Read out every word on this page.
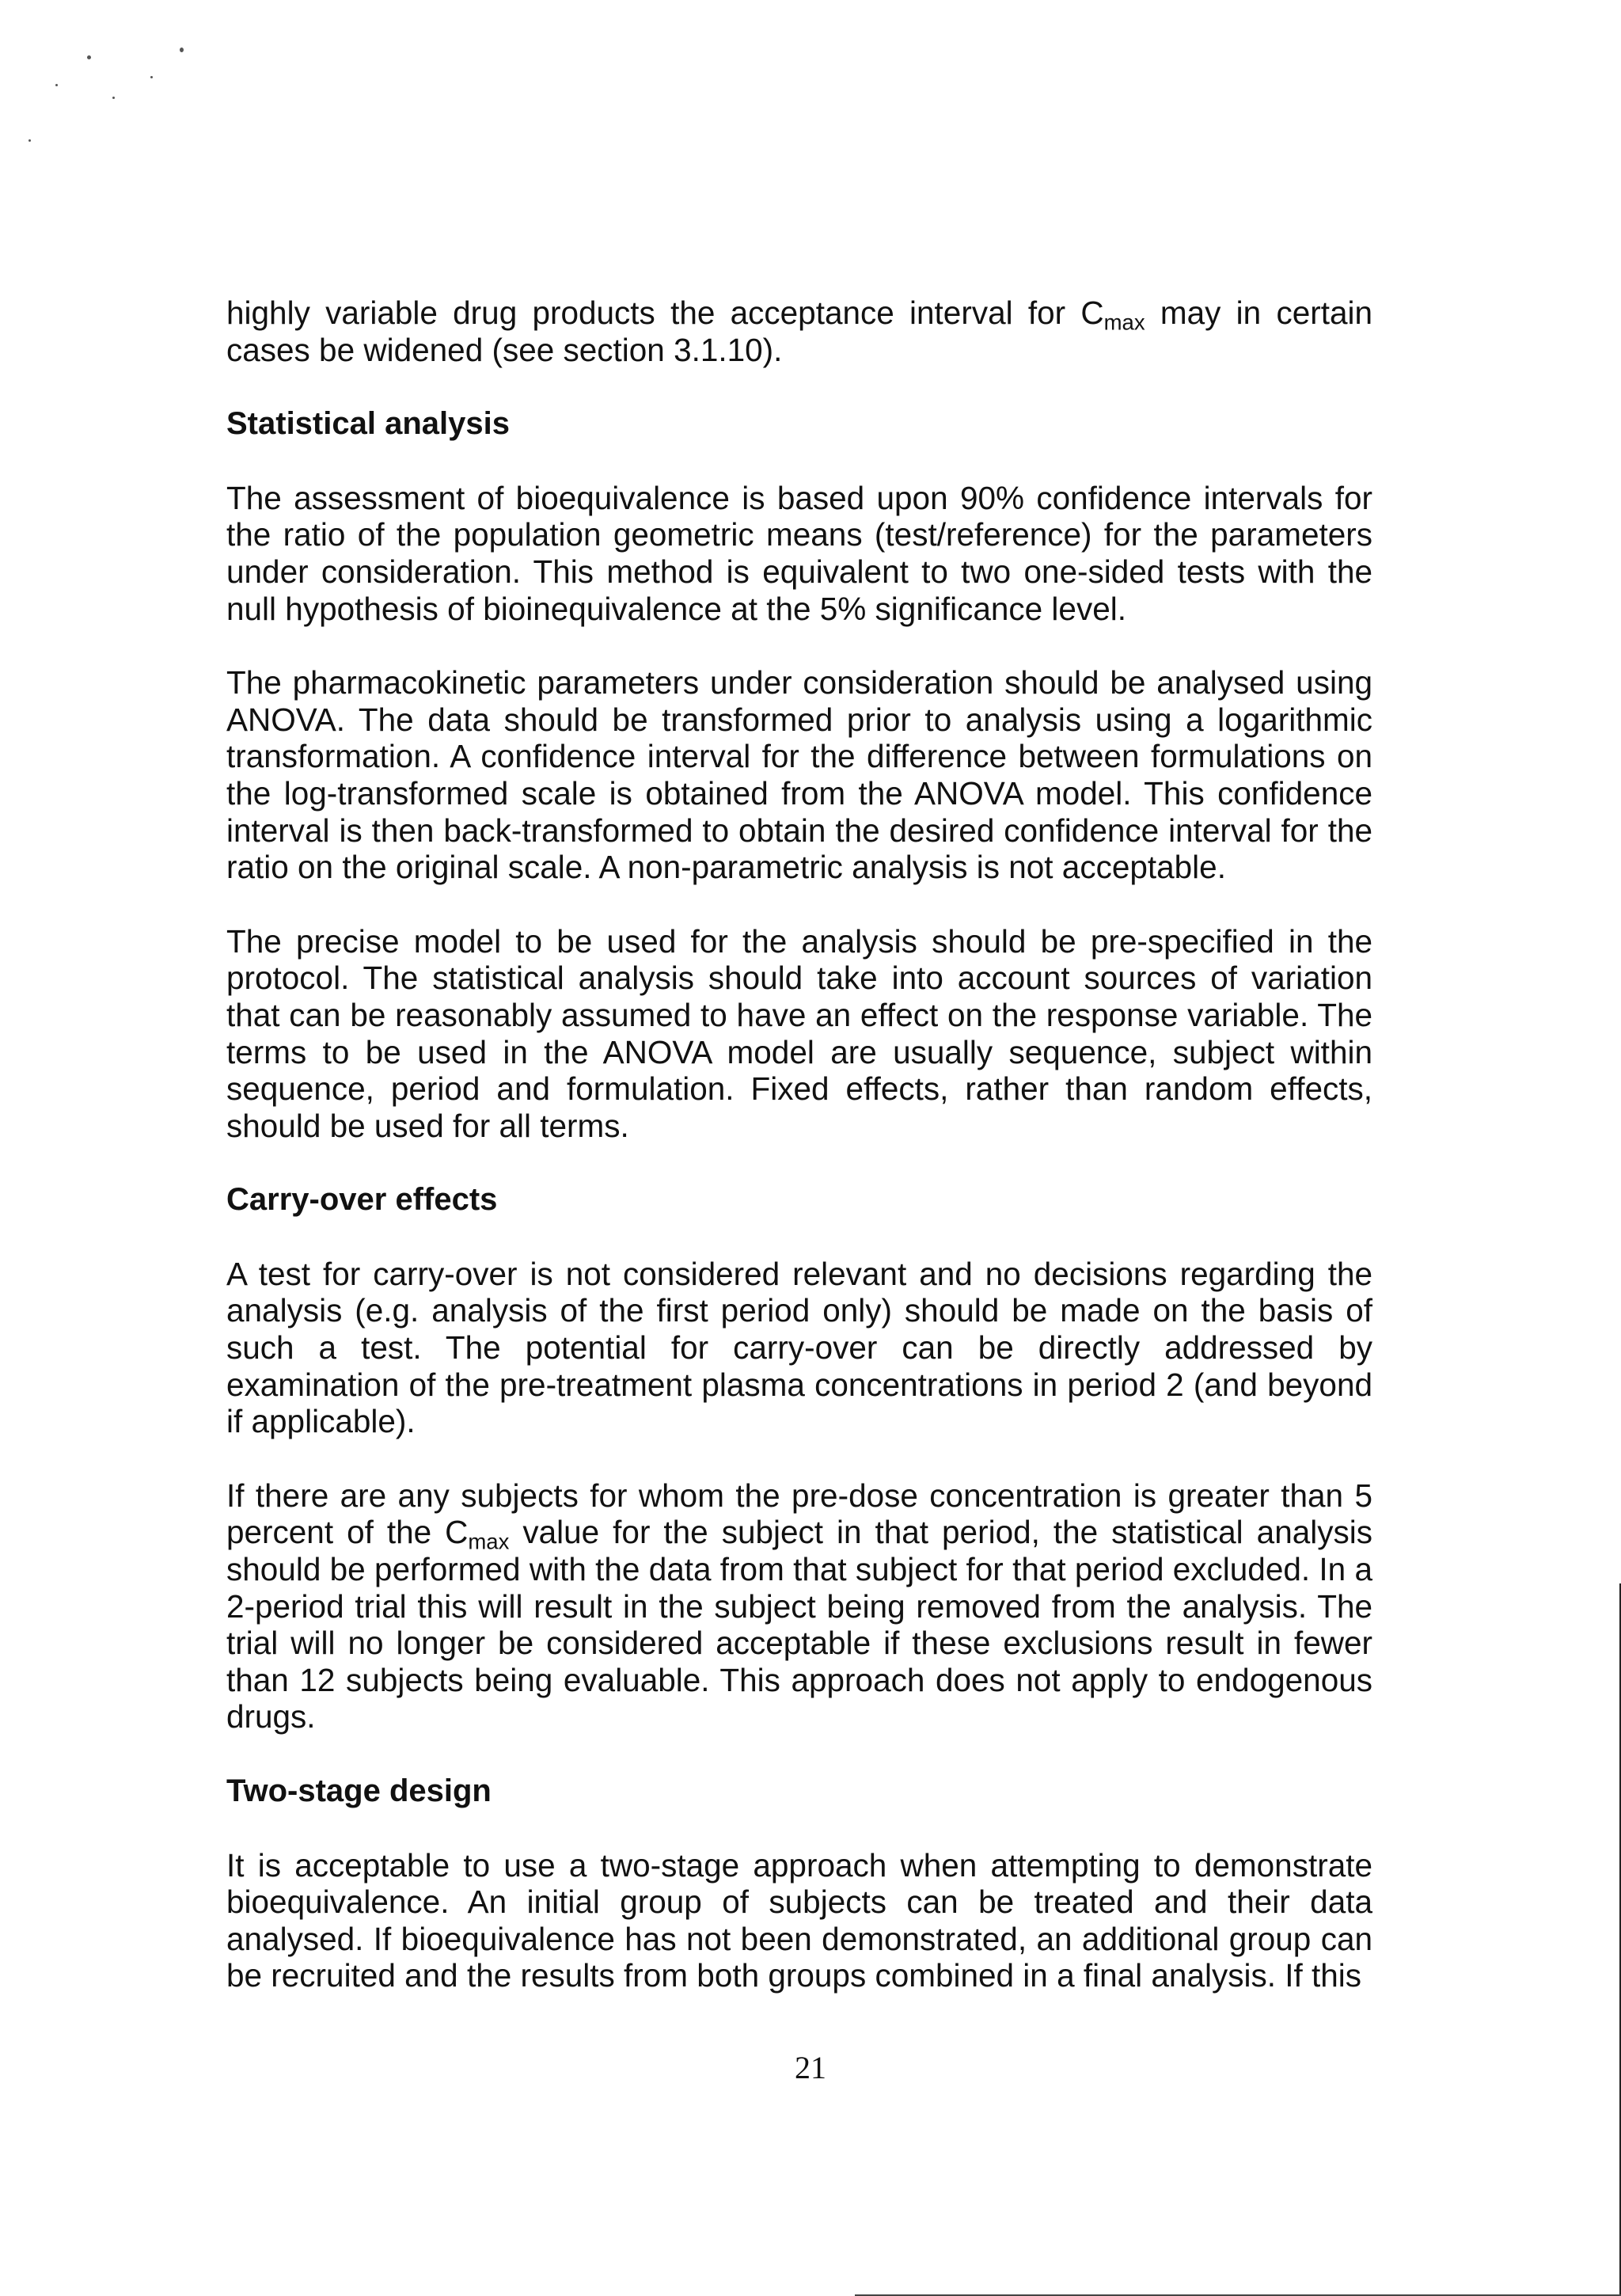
highly variable drug products the acceptance interval for $C_{max}$ may in certain cases be widened (see section 3.1.10).

Statistical analysis

The assessment of bioequivalence is based upon 90% confidence intervals for the ratio of the population geometric means (test/reference) for the parameters under consideration. This method is equivalent to two one-sided tests with the null hypothesis of bioinequivalence at the 5% significance level.

The pharmacokinetic parameters under consideration should be analysed using ANOVA. The data should be transformed prior to analysis using a logarithmic transformation. A confidence interval for the difference between formulations on the log-transformed scale is obtained from the ANOVA model. This confidence interval is then back-transformed to obtain the desired confidence interval for the ratio on the original scale. A non-parametric analysis is not acceptable.

The precise model to be used for the analysis should be pre-specified in the protocol. The statistical analysis should take into account sources of variation that can be reasonably assumed to have an effect on the response variable. The terms to be used in the ANOVA model are usually sequence, subject within sequence, period and formulation. Fixed effects, rather than random effects, should be used for all terms.

Carry-over effects

A test for carry-over is not considered relevant and no decisions regarding the analysis (e.g. analysis of the first period only) should be made on the basis of such a test. The potential for carry-over can be directly addressed by examination of the pre-treatment plasma concentrations in period 2 (and beyond if applicable).

If there are any subjects for whom the pre-dose concentration is greater than 5 percent of the $C_{max}$ value for the subject in that period, the statistical analysis should be performed with the data from that subject for that period excluded. In a 2-period trial this will result in the subject being removed from the analysis. The trial will no longer be considered acceptable if these exclusions result in fewer than 12 subjects being evaluable. This approach does not apply to endogenous drugs.

Two-stage design

It is acceptable to use a two-stage approach when attempting to demonstrate bioequivalence. An initial group of subjects can be treated and their data analysed. If bioequivalence has not been demonstrated, an additional group can be recruited and the results from both groups combined in a final analysis. If this

21
